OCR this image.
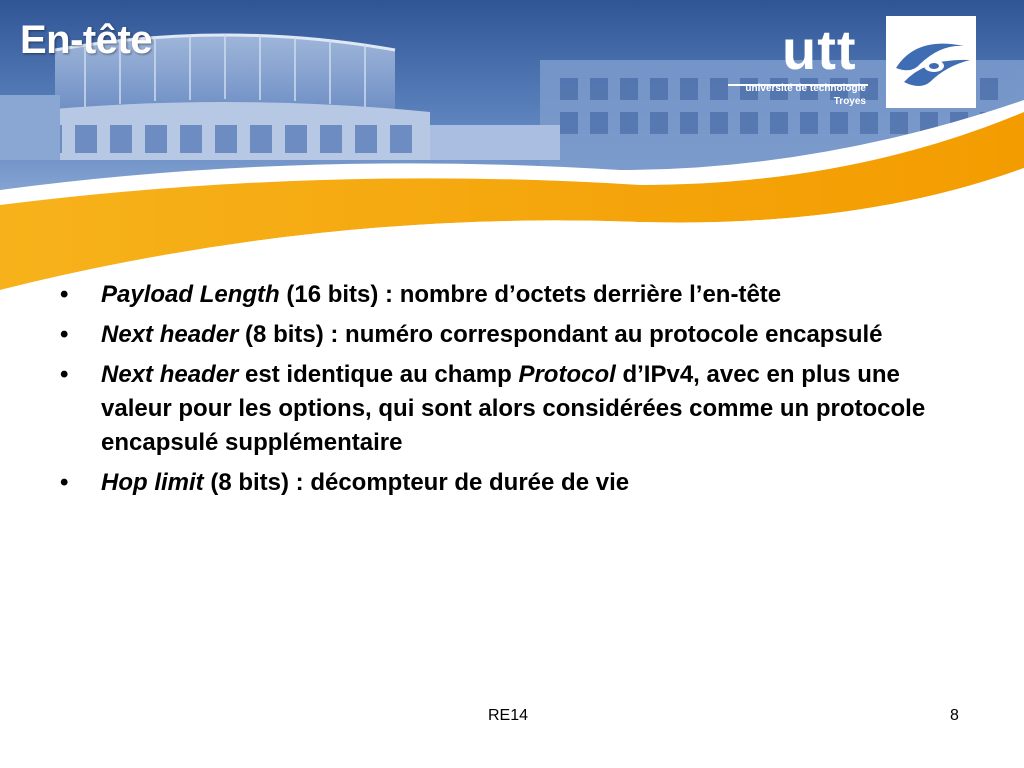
En-tête	utt
université de technologie
Troyes
• Payload Length (16 bits) : nombre d’octets derrière l’en-tête
• Next header (8 bits) : numéro correspondant au protocole encapsulé
• Next header est identique au champ Protocol d’IPv4, avec en plus une valeur pour les options, qui sont alors considérées comme un protocole encapsulé supplémentaire
• Hop limit (8 bits) : décompteur de durée de vie
RE14	8
